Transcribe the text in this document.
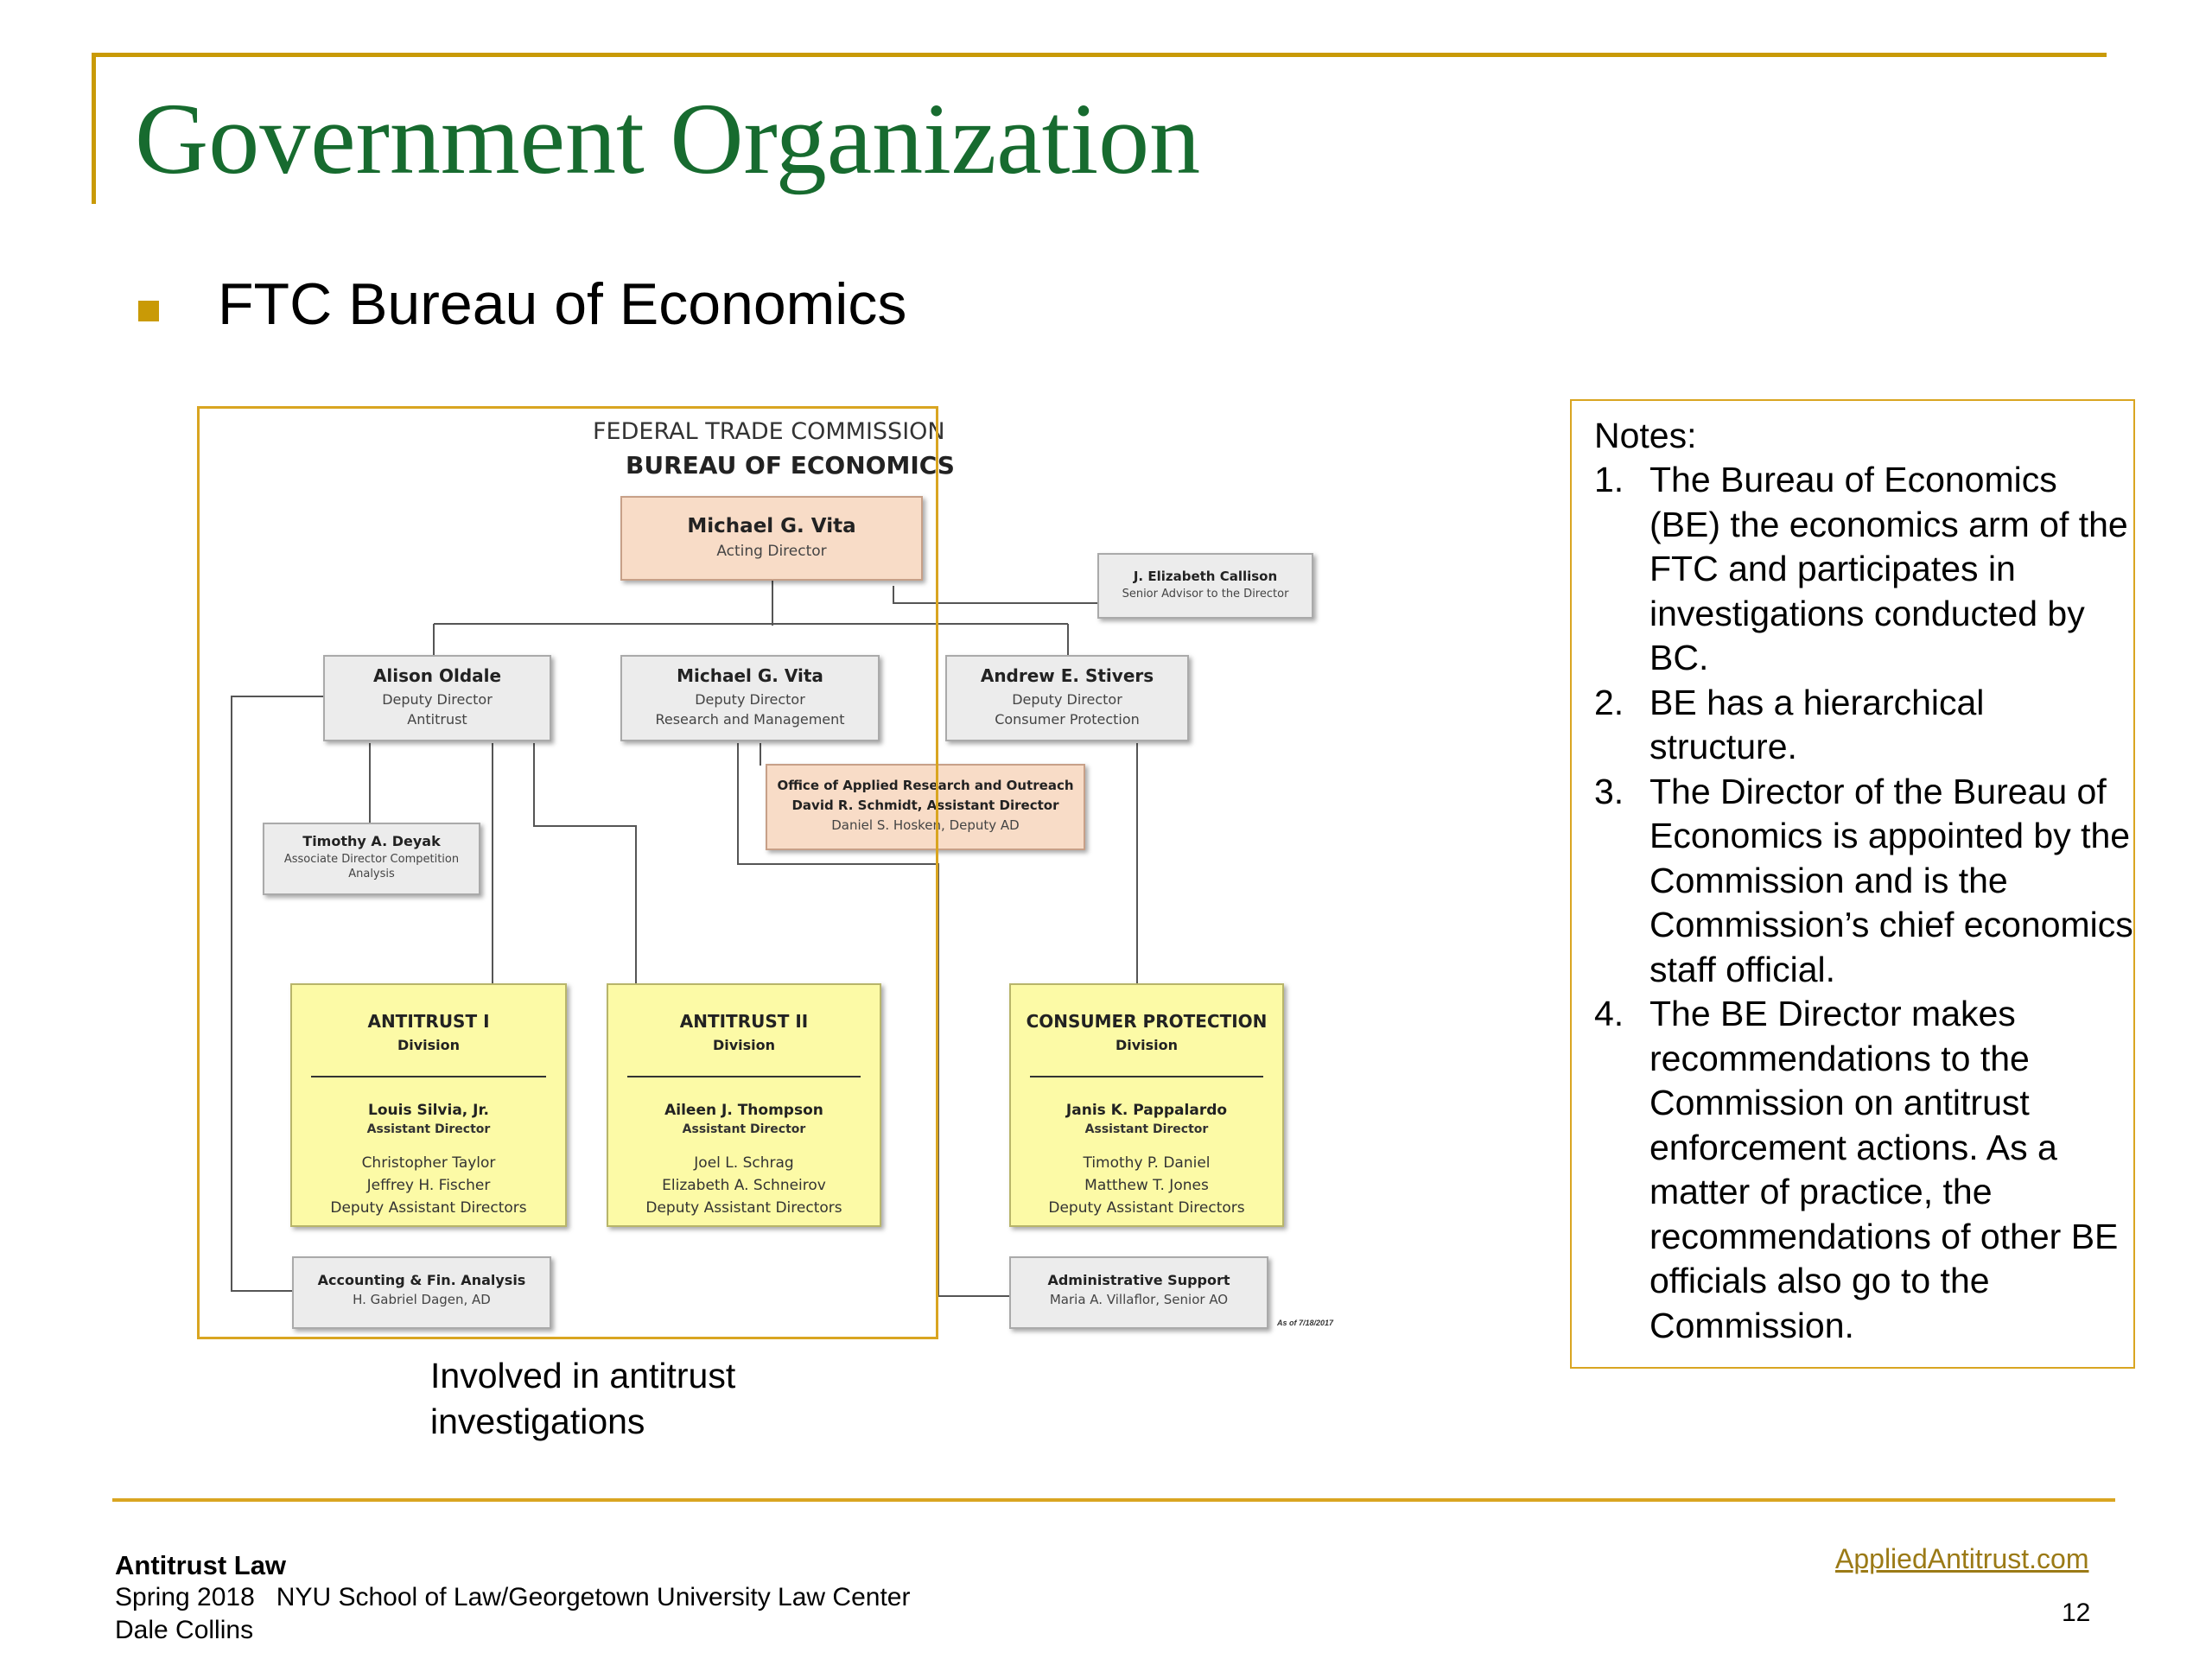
Government Organization
FTC Bureau of Economics
FEDERAL TRADE COMMISSION
BUREAU OF ECONOMICS
Michael G. Vita
Acting Director
J. Elizabeth Callison
Senior Advisor to the Director
Alison Oldale
Deputy Director
Antitrust
Michael G. Vita
Deputy Director
Research and Management
Andrew E. Stivers
Deputy Director
Consumer Protection
Office of Applied Research and Outreach
David R. Schmidt, Assistant Director
Daniel S. Hosken, Deputy AD
Timothy A. Deyak
Associate Director Competition
Analysis
ANTITRUST I
Division
Louis Silvia, Jr.
Assistant Director
Christopher Taylor
Jeffrey H. Fischer
Deputy Assistant Directors
ANTITRUST II
Division
Aileen J. Thompson
Assistant Director
Joel L. Schrag
Elizabeth A. Schneirov
Deputy Assistant Directors
CONSUMER PROTECTION
Division
Janis K. Pappalardo
Assistant Director
Timothy P. Daniel
Matthew T. Jones
Deputy Assistant Directors
Accounting & Fin. Analysis
H. Gabriel Dagen, AD
Administrative Support
Maria A. Villaflor, Senior AO
As of 7/18/2017
Involved in antitrust investigations
Notes:
1. The Bureau of Economics (BE) the economics arm of the FTC and participates in investigations conducted by BC.
2. BE has a hierarchical structure.
3. The Director of the Bureau of Economics is appointed by the Commission and is the Commission’s chief economics staff official.
4. The BE Director makes recommendations to the Commission on antitrust enforcement actions. As a matter of practice, the recommendations of other BE officials also go to the Commission.
Antitrust Law
Spring 2018   NYU School of Law/Georgetown University Law Center
Dale Collins
AppliedAntitrust.com
12
